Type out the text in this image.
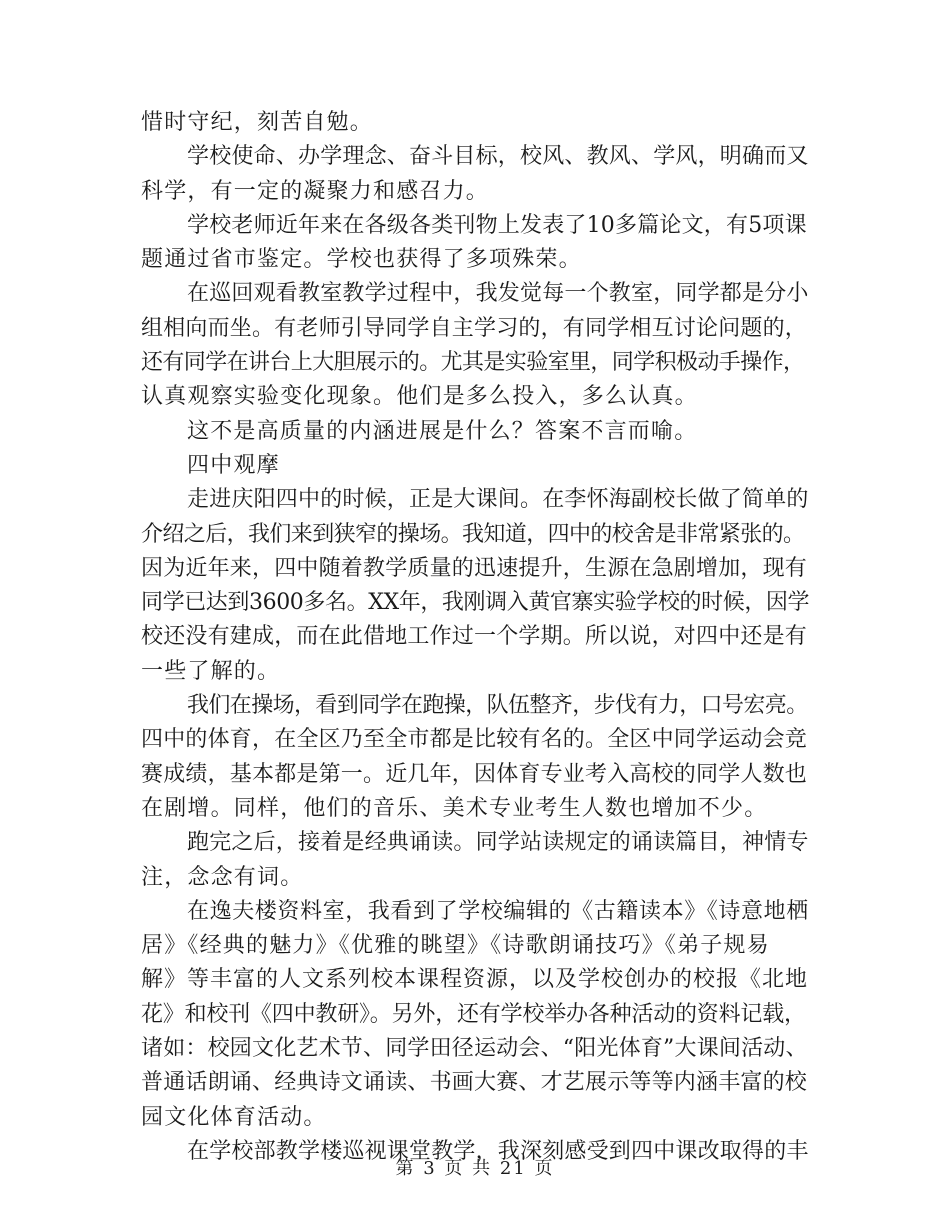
惜时守纪，刻苦自勉。
学校使命、办学理念、奋斗目标，校风、教风、学风，明确而又
科学，有一定的凝聚力和感召力。
学校老师近年来在各级各类刊物上发表了10多篇论文，有5项课
题通过省市鉴定。学校也获得了多项殊荣。
在巡回观看教室教学过程中，我发觉每一个教室，同学都是分小
组相向而坐。有老师引导同学自主学习的，有同学相互讨论问题的，
还有同学在讲台上大胆展示的。尤其是实验室里，同学积极动手操作，
认真观察实验变化现象。他们是多么投入，多么认真。
这不是高质量的内涵进展是什么？答案不言而喻。
四中观摩
走进庆阳四中的时候，正是大课间。在李怀海副校长做了简单的
介绍之后，我们来到狭窄的操场。我知道，四中的校舍是非常紧张的。
因为近年来，四中随着教学质量的迅速提升，生源在急剧增加，现有
同学已达到3600多名。XX年，我刚调入黄官寨实验学校的时候，因学
校还没有建成，而在此借地工作过一个学期。所以说，对四中还是有
一些了解的。
我们在操场，看到同学在跑操，队伍整齐，步伐有力，口号宏亮。
四中的体育，在全区乃至全市都是比较有名的。全区中同学运动会竞
赛成绩，基本都是第一。近几年，因体育专业考入高校的同学人数也
在剧增。同样，他们的音乐、美术专业考生人数也增加不少。
跑完之后，接着是经典诵读。同学站读规定的诵读篇目，神情专
注，念念有词。
在逸夫楼资料室，我看到了学校编辑的《古籍读本》《诗意地栖
居》《经典的魅力》《优雅的眺望》《诗歌朗诵技巧》《弟子规易
解》等丰富的人文系列校本课程资源，以及学校创办的校报《北地
花》和校刊《四中教研》。另外，还有学校举办各种活动的资料记载，
诸如：校园文化艺术节、同学田径运动会、“阳光体育”大课间活动、
普通话朗诵、经典诗文诵读、书画大赛、才艺展示等等内涵丰富的校
园文化体育活动。
在学校部教学楼巡视课堂教学，我深刻感受到四中课改取得的丰
第 3 页 共 21 页
